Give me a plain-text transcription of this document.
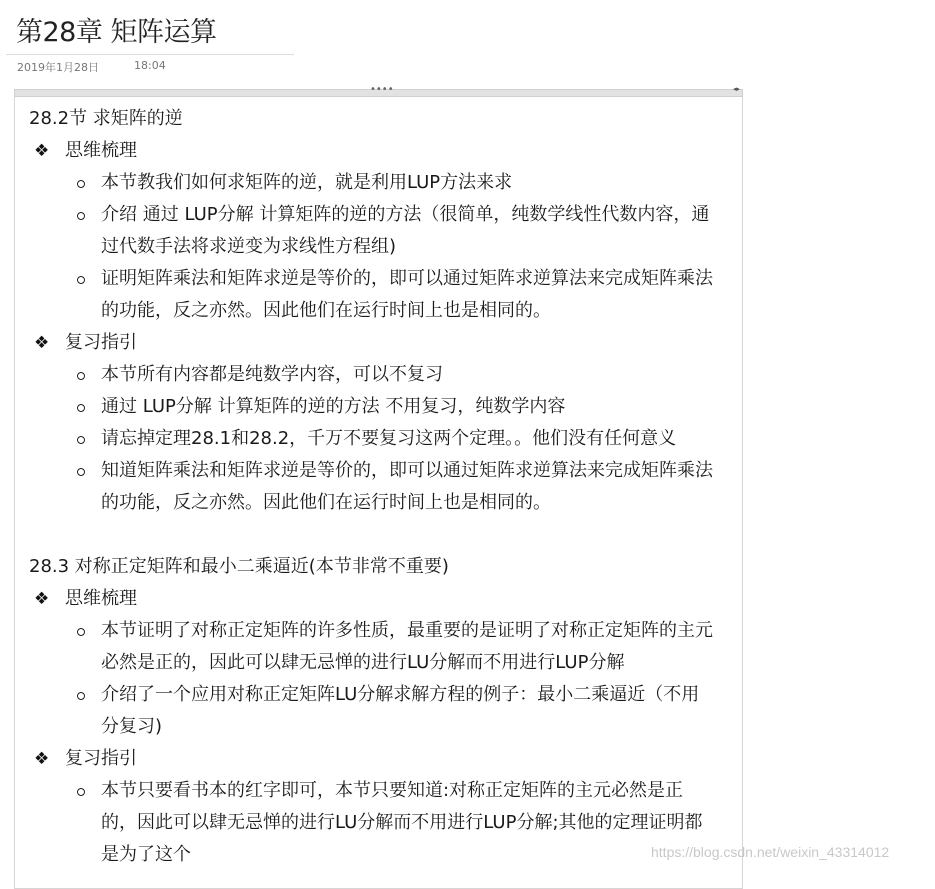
第28章 矩阵运算
2019年1月28日	18:04
••••	◂▸
28.2节 求矩阵的逆
❖ 思维梳理
本节教我们如何求矩阵的逆，就是利用LUP方法来求
介绍 通过 LUP分解 计算矩阵的逆的方法（很简单，纯数学线性代数内容，通
过代数手法将求逆变为求线性方程组)
证明矩阵乘法和矩阵求逆是等价的，即可以通过矩阵求逆算法来完成矩阵乘法
的功能，反之亦然。因此他们在运行时间上也是相同的。
❖ 复习指引
本节所有内容都是纯数学内容，可以不复习
通过 LUP分解 计算矩阵的逆的方法 不用复习，纯数学内容
请忘掉定理28.1和28.2，千万不要复习这两个定理。。他们没有任何意义
知道矩阵乘法和矩阵求逆是等价的，即可以通过矩阵求逆算法来完成矩阵乘法
的功能，反之亦然。因此他们在运行时间上也是相同的。
28.3 对称正定矩阵和最小二乘逼近(本节非常不重要)
❖ 思维梳理
本节证明了对称正定矩阵的许多性质，最重要的是证明了对称正定矩阵的主元
必然是正的，因此可以肆无忌惮的进行LU分解而不用进行LUP分解
介绍了一个应用对称正定矩阵LU分解求解方程的例子：最小二乘逼近（不用
分复习)
❖ 复习指引
本节只要看书本的红字即可，本节只要知道:对称正定矩阵的主元必然是正
的，因此可以肆无忌惮的进行LU分解而不用进行LUP分解;其他的定理证明都
是为了这个	https://blog.csdn.net/weixin_43314012
